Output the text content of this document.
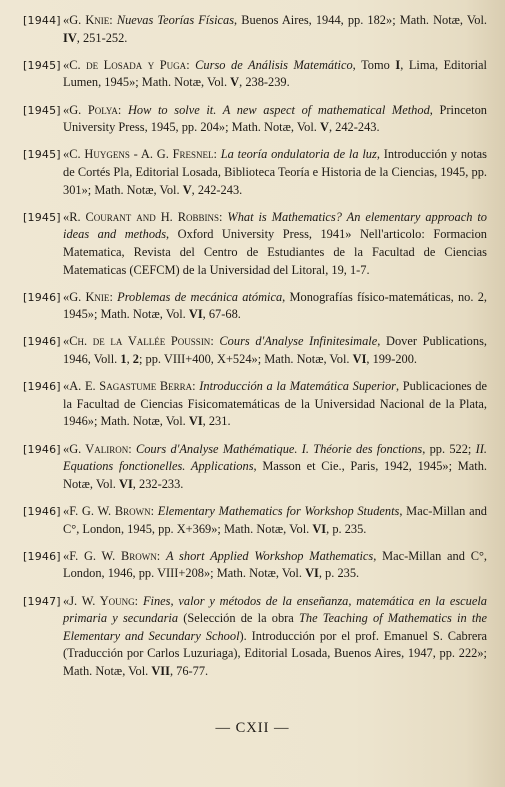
[1944] «G. Knie: Nuevas Teorías Físicas, Buenos Aires, 1944, pp. 182»; Math. Notæ, Vol. IV, 251-252.
[1945] «C. de Losada y Puga: Curso de Análisis Matemático, Tomo I, Lima, Editorial Lumen, 1945»; Math. Notæ, Vol. V, 238-239.
[1945] «G. Polya: How to solve it. A new aspect of mathematical Method, Princeton University Press, 1945, pp. 204»; Math. Notæ, Vol. V, 242-243.
[1945] «C. Huygens - A. G. Fresnel: La teoría ondulatoria de la luz, Introducción y notas de Cortés Pla, Editorial Losada, Biblioteca Teoría e Historia de la Ciencias, 1945, pp. 301»; Math. Notæ, Vol. V, 242-243.
[1945] «R. Courant and H. Robbins: What is Mathematics? An elementary approach to ideas and methods, Oxford University Press, 1941» Nell'articolo: Formacion Matematica, Revista del Centro de Estudiantes de la Facultad de Ciencias Matematicas (CEFCM) de la Universidad del Litoral, 19, 1-7.
[1946] «G. Knie: Problemas de mecánica atómica, Monografías físico-matemáticas, no. 2, 1945»; Math. Notæ, Vol. VI, 67-68.
[1946] «Ch. de la Vallée Poussin: Cours d'Analyse Infinitesimale, Dover Publications, 1946, Voll. 1, 2; pp. VIII+400, X+524»; Math. Notæ, Vol. VI, 199-200.
[1946] «A. E. Sagastume Berra: Introducción a la Matemática Superior, Publicaciones de la Facultad de Ciencias Fisicomatemáticas de la Universidad Nacional de la Plata, 1946»; Math. Notæ, Vol. VI, 231.
[1946] «G. Valiron: Cours d'Analyse Mathématique. I. Théorie des fonctions, pp. 522; II. Equations fonctionelles. Applications, Masson et Cie., Paris, 1942, 1945»; Math. Notæ, Vol. VI, 232-233.
[1946] «F. G. W. Brown: Elementary Mathematics for Workshop Students, Mac-Millan and C°, London, 1945, pp. X+369»; Math. Notæ, Vol. VI, p. 235.
[1946] «F. G. W. Brown: A short Applied Workshop Mathematics, Mac-Millan and C°, London, 1946, pp. VIII+208»; Math. Notæ, Vol. VI, p. 235.
[1947] «J. W. Young: Fines, valor y métodos de la enseñanza, matemática en la escuela primaria y secundaria (Selección de la obra The Teaching of Mathematics in the Elementary and Secundary School). Introducción por el prof. Emanuel S. Cabrera (Traducción por Carlos Luzuriaga), Editorial Losada, Buenos Aires, 1947, pp. 222»; Math. Notæ, Vol. VII, 76-77.
— CXII —
